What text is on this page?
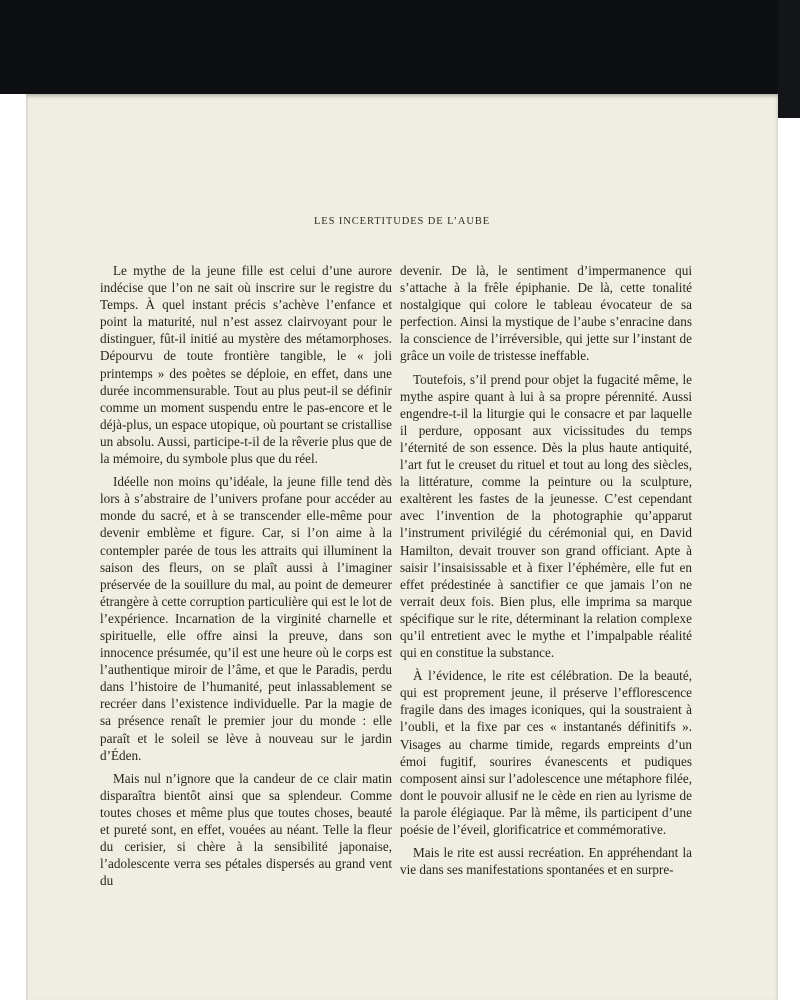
LES INCERTITUDES DE L’AUBE

Le mythe de la jeune fille est celui d’une aurore indécise que l’on ne sait où inscrire sur le registre du Temps. À quel instant précis s’achève l’enfance et point la maturité, nul n’est assez clairvoyant pour le distinguer, fût-il initié au mystère des métamorphoses. Dépourvu de toute frontière tangible, le « joli printemps » des poètes se déploie, en effet, dans une durée incommensurable. Tout au plus peut-il se définir comme un moment suspendu entre le pas-encore et le déjà-plus, un espace utopique, où pourtant se cristallise un absolu. Aussi, participe-t-il de la rêverie plus que de la mémoire, du symbole plus que du réel.

Idéelle non moins qu’idéale, la jeune fille tend dès lors à s’abstraire de l’univers profane pour accéder au monde du sacré, et à se transcender elle-même pour devenir emblème et figure. Car, si l’on aime à la contempler parée de tous les attraits qui illuminent la saison des fleurs, on se plaît aussi à l’imaginer préservée de la souillure du mal, au point de demeurer étrangère à cette corruption particulière qui est le lot de l’expérience. Incarnation de la virginité charnelle et spirituelle, elle offre ainsi la preuve, dans son innocence présumée, qu’il est une heure où le corps est l’authentique miroir de l’âme, et que le Paradis, perdu dans l’histoire de l’humanité, peut inlassablement se recréer dans l’existence individuelle. Par la magie de sa présence renaît le premier jour du monde : elle paraît et le soleil se lève à nouveau sur le jardin d’Éden.

Mais nul n’ignore que la candeur de ce clair matin disparaîtra bientôt ainsi que sa splendeur. Comme toutes choses et même plus que toutes choses, beauté et pureté sont, en effet, vouées au néant. Telle la fleur du cerisier, si chère à la sensibilité japonaise, l’adolescente verra ses pétales dispersés au grand vent du

devenir. De là, le sentiment d’impermanence qui s’attache à la frêle épiphanie. De là, cette tonalité nostalgique qui colore le tableau évocateur de sa perfection. Ainsi la mystique de l’aube s’enracine dans la conscience de l’irréversible, qui jette sur l’instant de grâce un voile de tristesse ineffable.

Toutefois, s’il prend pour objet la fugacité même, le mythe aspire quant à lui à sa propre pérennité. Aussi engendre-t-il la liturgie qui le consacre et par laquelle il perdure, opposant aux vicissitudes du temps l’éternité de son essence. Dès la plus haute antiquité, l’art fut le creuset du rituel et tout au long des siècles, la littérature, comme la peinture ou la sculpture, exaltèrent les fastes de la jeunesse. C’est cependant avec l’invention de la photographie qu’apparut l’instrument privilégié du cérémonial qui, en David Hamilton, devait trouver son grand officiant. Apte à saisir l’insaisissable et à fixer l’éphémère, elle fut en effet prédestinée à sanctifier ce que jamais l’on ne verrait deux fois. Bien plus, elle imprima sa marque spécifique sur le rite, déterminant la relation complexe qu’il entretient avec le mythe et l’impalpable réalité qui en constitue la substance.

À l’évidence, le rite est célébration. De la beauté, qui est proprement jeune, il préserve l’efflorescence fragile dans des images iconiques, qui la soustraient à l’oubli, et la fixe par ces « instantanés définitifs ». Visages au charme timide, regards empreints d’un émoi fugitif, sourires évanescents et pudiques composent ainsi sur l’adolescence une métaphore filée, dont le pouvoir allusif ne le cède en rien au lyrisme de la parole élégiaque. Par là même, ils participent d’une poésie de l’éveil, glorificatrice et commémorative.

Mais le rite est aussi recréation. En appréhendant la vie dans ses manifestations spontanées et en surpre-
